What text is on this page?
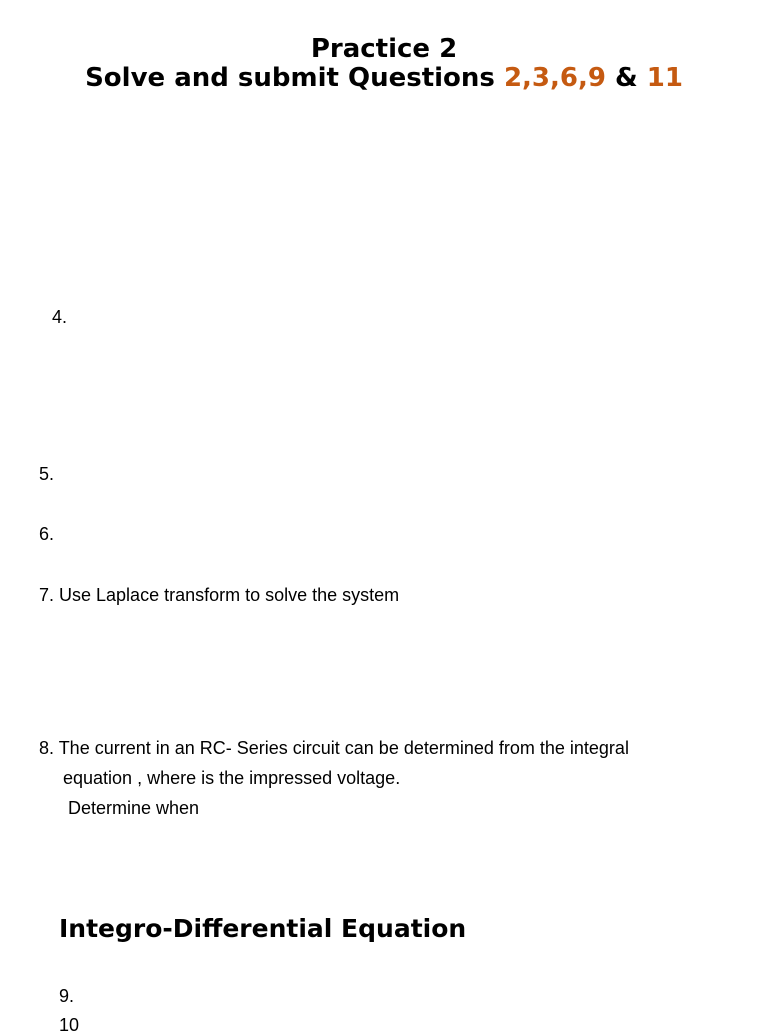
Practice 2
Solve and submit Questions 2,3,6,9 & 11
4.
5.
6.
7. Use Laplace transform to solve the system
8. The current in an RC- Series circuit can be determined from the integral
equation , where is the impressed voltage.
Determine when
Integro-Differential Equation
9.
10
